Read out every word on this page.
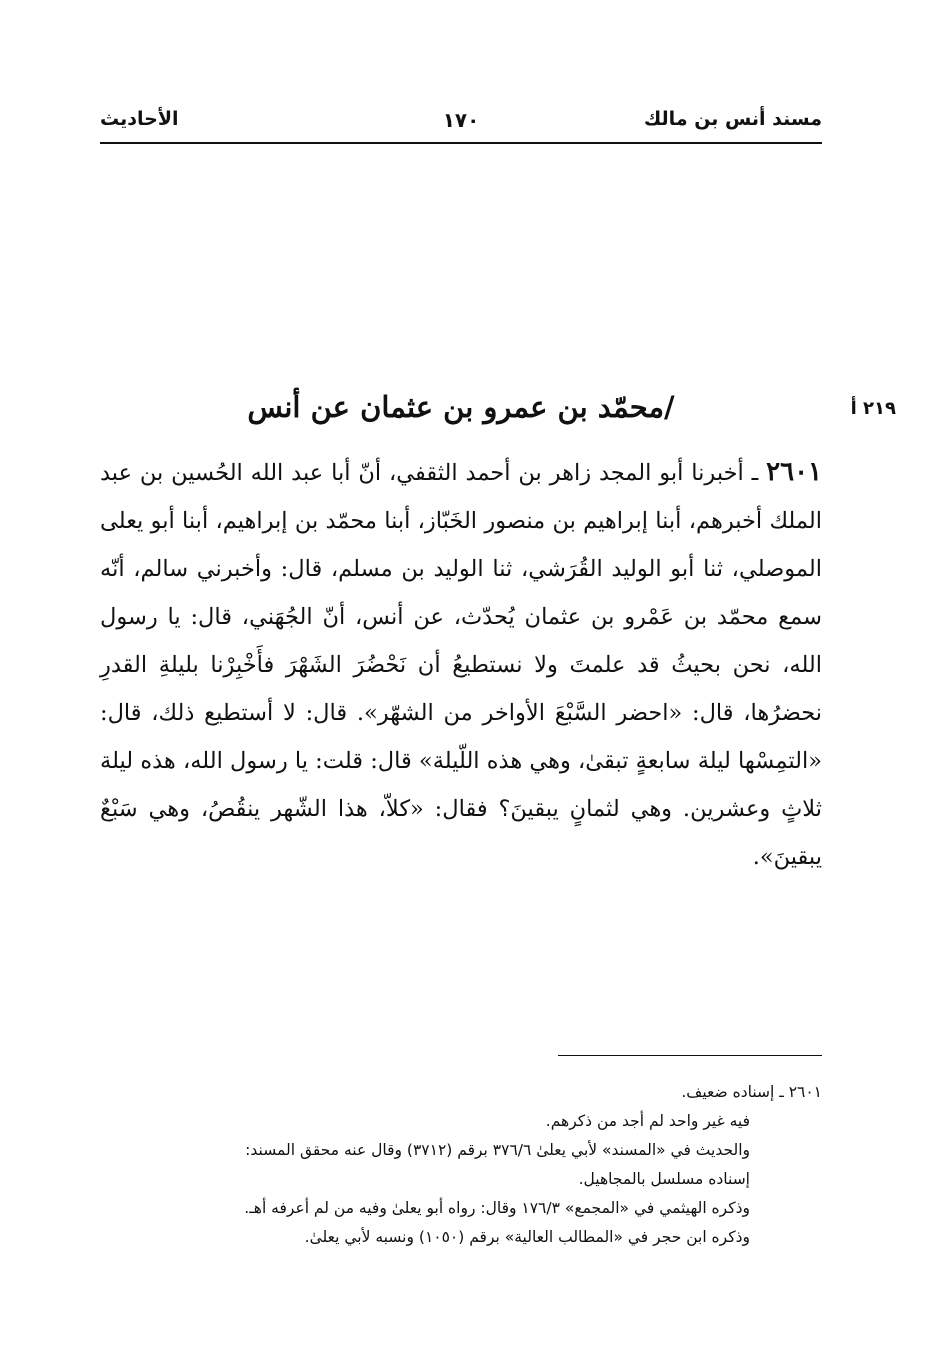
مسند أنس بن مالك
١٧٠
الأحاديث
٢١٩ أ
/محمّد بن عمرو بن عثمان عن أنس
٢٦٠١ ـ أخبرنا أبو المجد زاهر بن أحمد الثقفي، أنّ أبا عبد الله الحُسين بن عبد الملك أخبرهم، أبنا إبراهيم بن منصور الخَبّاز، أبنا محمّد بن إبراهيم، أبنا أبو يعلى الموصلي، ثنا أبو الوليد القُرَشي، ثنا الوليد بن مسلم، قال: وأخبرني سالم، أنّه سمع محمّد بن عَمْرو بن عثمان يُحدّث، عن أنس، أنّ الجُهَني، قال: يا رسول الله، نحن بحيثُ قد علمتَ ولا نستطيعُ أن نَحْضُرَ الشَهْرَ فأَخْبِرْنا بليلةِ القدرِ نحضرُها، قال: «احضر السَّبْعَ الأواخر من الشهّر». قال: لا أستطيع ذلك، قال: «التمِسْها ليلة سابعةٍ تبقىٰ، وهي هذه اللّيلة» قال: قلت: يا رسول الله، هذه ليلة ثلاثٍ وعشرين. وهي لثمانٍ يبقينَ؟ فقال: «كلاّ، هذا الشّهر ينقُصُ، وهي سَبْعٌ يبقينَ».
٢٦٠١ ـ إسناده ضعيف.
فيه غير واحد لم أجد من ذكرهم.
والحديث في «المسند» لأبي يعلىٰ ٣٧٦/٦ برقم (٣٧١٢) وقال عنه محقق المسند:
إسناده مسلسل بالمجاهيل.
وذكره الهيثمي في «المجمع» ١٧٦/٣ وقال: رواه أبو يعلىٰ وفيه من لم أعرفه أهـ.
وذكره ابن حجر في «المطالب العالية» برقم (١٠٥٠) ونسبه لأبي يعلىٰ.
